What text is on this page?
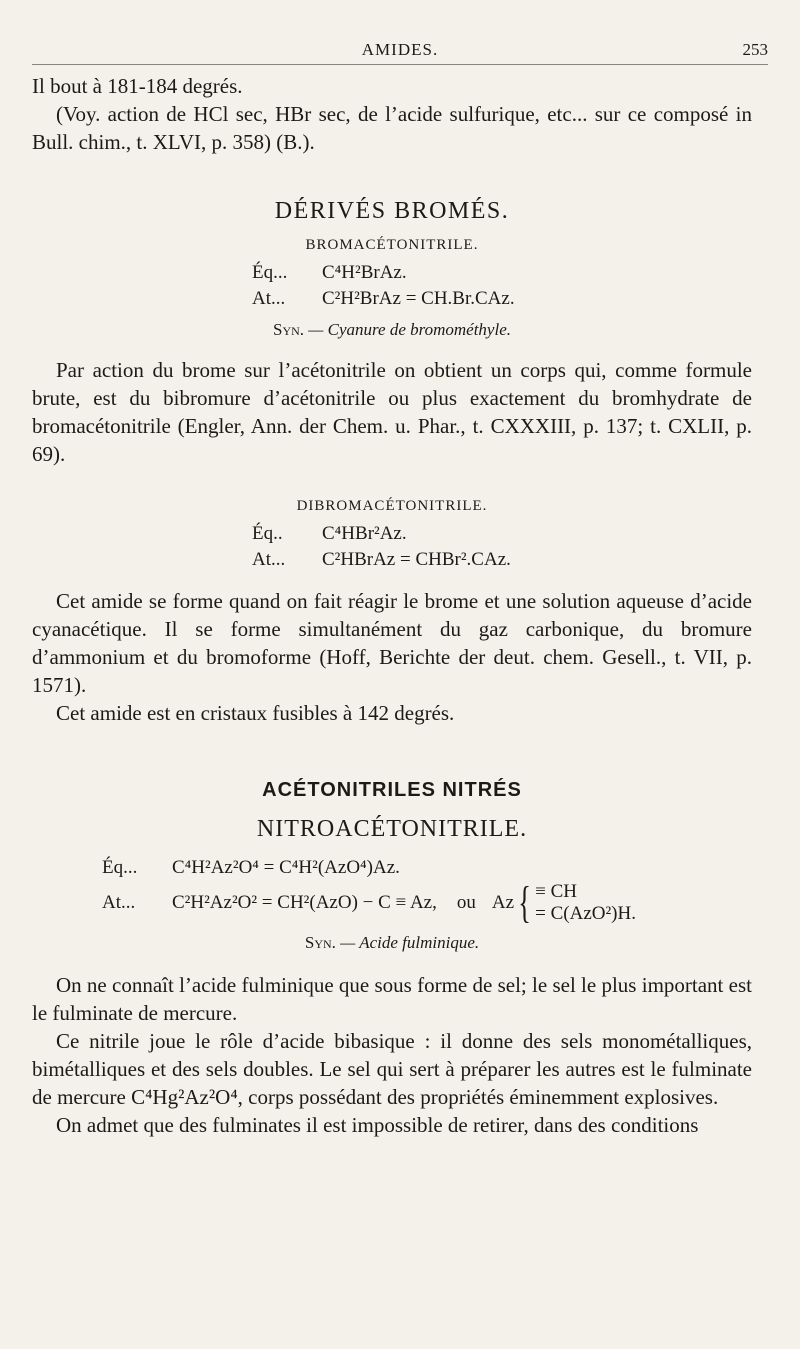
AMIDES.	253

Il bout à 181-184 degrés.

(Voy. action de HCl sec, HBr sec, de l’acide sulfurique, etc... sur ce composé in Bull. chim., t. XLVI, p. 358) (B.).

DÉRIVÉS BROMÉS.
BROMACÉTONITRILE.
Éq...	C⁴H²BrAz.
At...	C²H²BrAz = CH.Br.CAz.
Syn. — Cyanure de bromométhyle.

Par action du brome sur l’acétonitrile on obtient un corps qui, comme formule brute, est du bibromure d’acétonitrile ou plus exactement du bromhydrate de bromacétonitrile (Engler, Ann. der Chem. u. Phar., t. CXXXIII, p. 137; t. CXLII, p. 69).

DIBROMACÉTONITRILE.
Éq..	C⁴HBr²Az.
At...	C²HBrAz = CHBr².CAz.

Cet amide se forme quand on fait réagir le brome et une solution aqueuse d’acide cyanacétique. Il se forme simultanément du gaz carbonique, du bromure d’ammonium et du bromoforme (Hoff, Berichte der deut. chem. Gesell., t. VII, p. 1571).

Cet amide est en cristaux fusibles à 142 degrés.

ACÉTONITRILES NITRÉS
NITROACÉTONITRILE.
Éq...	C⁴H²Az²O⁴ = C⁴H²(AzO⁴)Az.
At...	C²H²Az²O² = CH²(AzO) − C ≡ Az, ou Az { ≡ CH
= C(AzO²)H.
Syn. — Acide fulminique.

On ne connaît l’acide fulminique que sous forme de sel; le sel le plus important est le fulminate de mercure.

Ce nitrile joue le rôle d’acide bibasique : il donne des sels monométalliques, bimétalliques et des sels doubles. Le sel qui sert à préparer les autres est le fulminate de mercure C⁴Hg²Az²O⁴, corps possédant des propriétés éminemment explosives.

On admet que des fulminates il est impossible de retirer, dans des conditions
